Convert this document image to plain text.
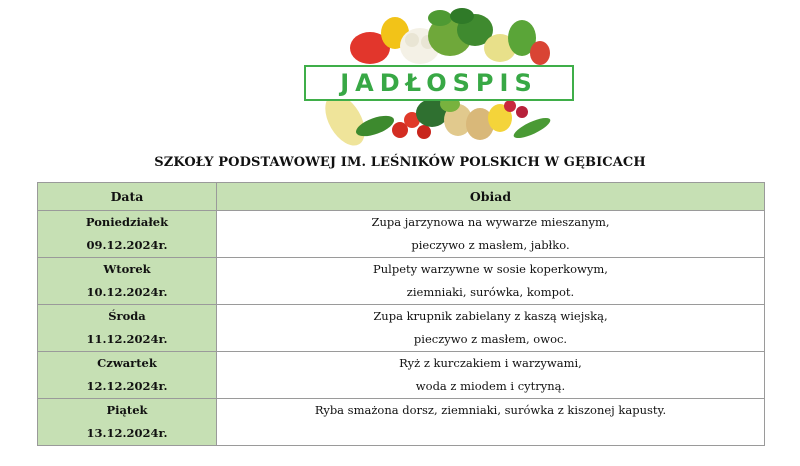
JADŁOSPIS
SZKOŁY PODSTAWOWEJ IM. LEŚNIKÓW POLSKICH W GĘBICACH
Data	Obiad

Poniedziałek
09.12.2024r.	Zupa jarzynowa na wywarze mieszanym,
pieczywo z masłem, jabłko.

Wtorek
10.12.2024r.	Pulpety warzywne w sosie koperkowym,
ziemniaki, surówka, kompot.

Środa
11.12.2024r.	Zupa krupnik zabielany z kaszą wiejską,
pieczywo z masłem, owoc.

Czwartek
12.12.2024r.	Ryż z kurczakiem i warzywami,
woda z miodem i cytryną.

Piątek
13.12.2024r.	Ryba smażona dorsz, ziemniaki, surówka z kiszonej kapusty.
